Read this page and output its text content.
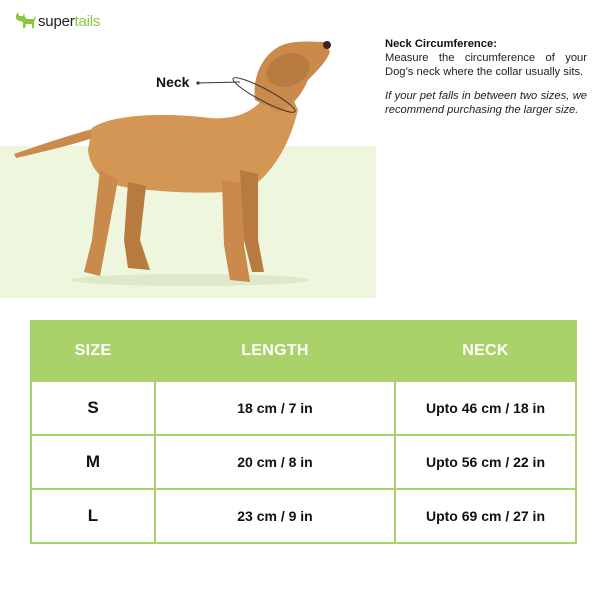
supertails
Neck
Neck Circumference:

Measure the circumference of your Dog’s neck where the collar usually sits.

If your pet falls in between two sizes, we recommend purchasing the larger size.
SIZE	LENGTH	NECK
S	18 cm / 7 in	Upto 46 cm / 18 in
M	20 cm / 8 in	Upto 56 cm / 22 in
L	23 cm / 9 in	Upto 69 cm / 27 in
